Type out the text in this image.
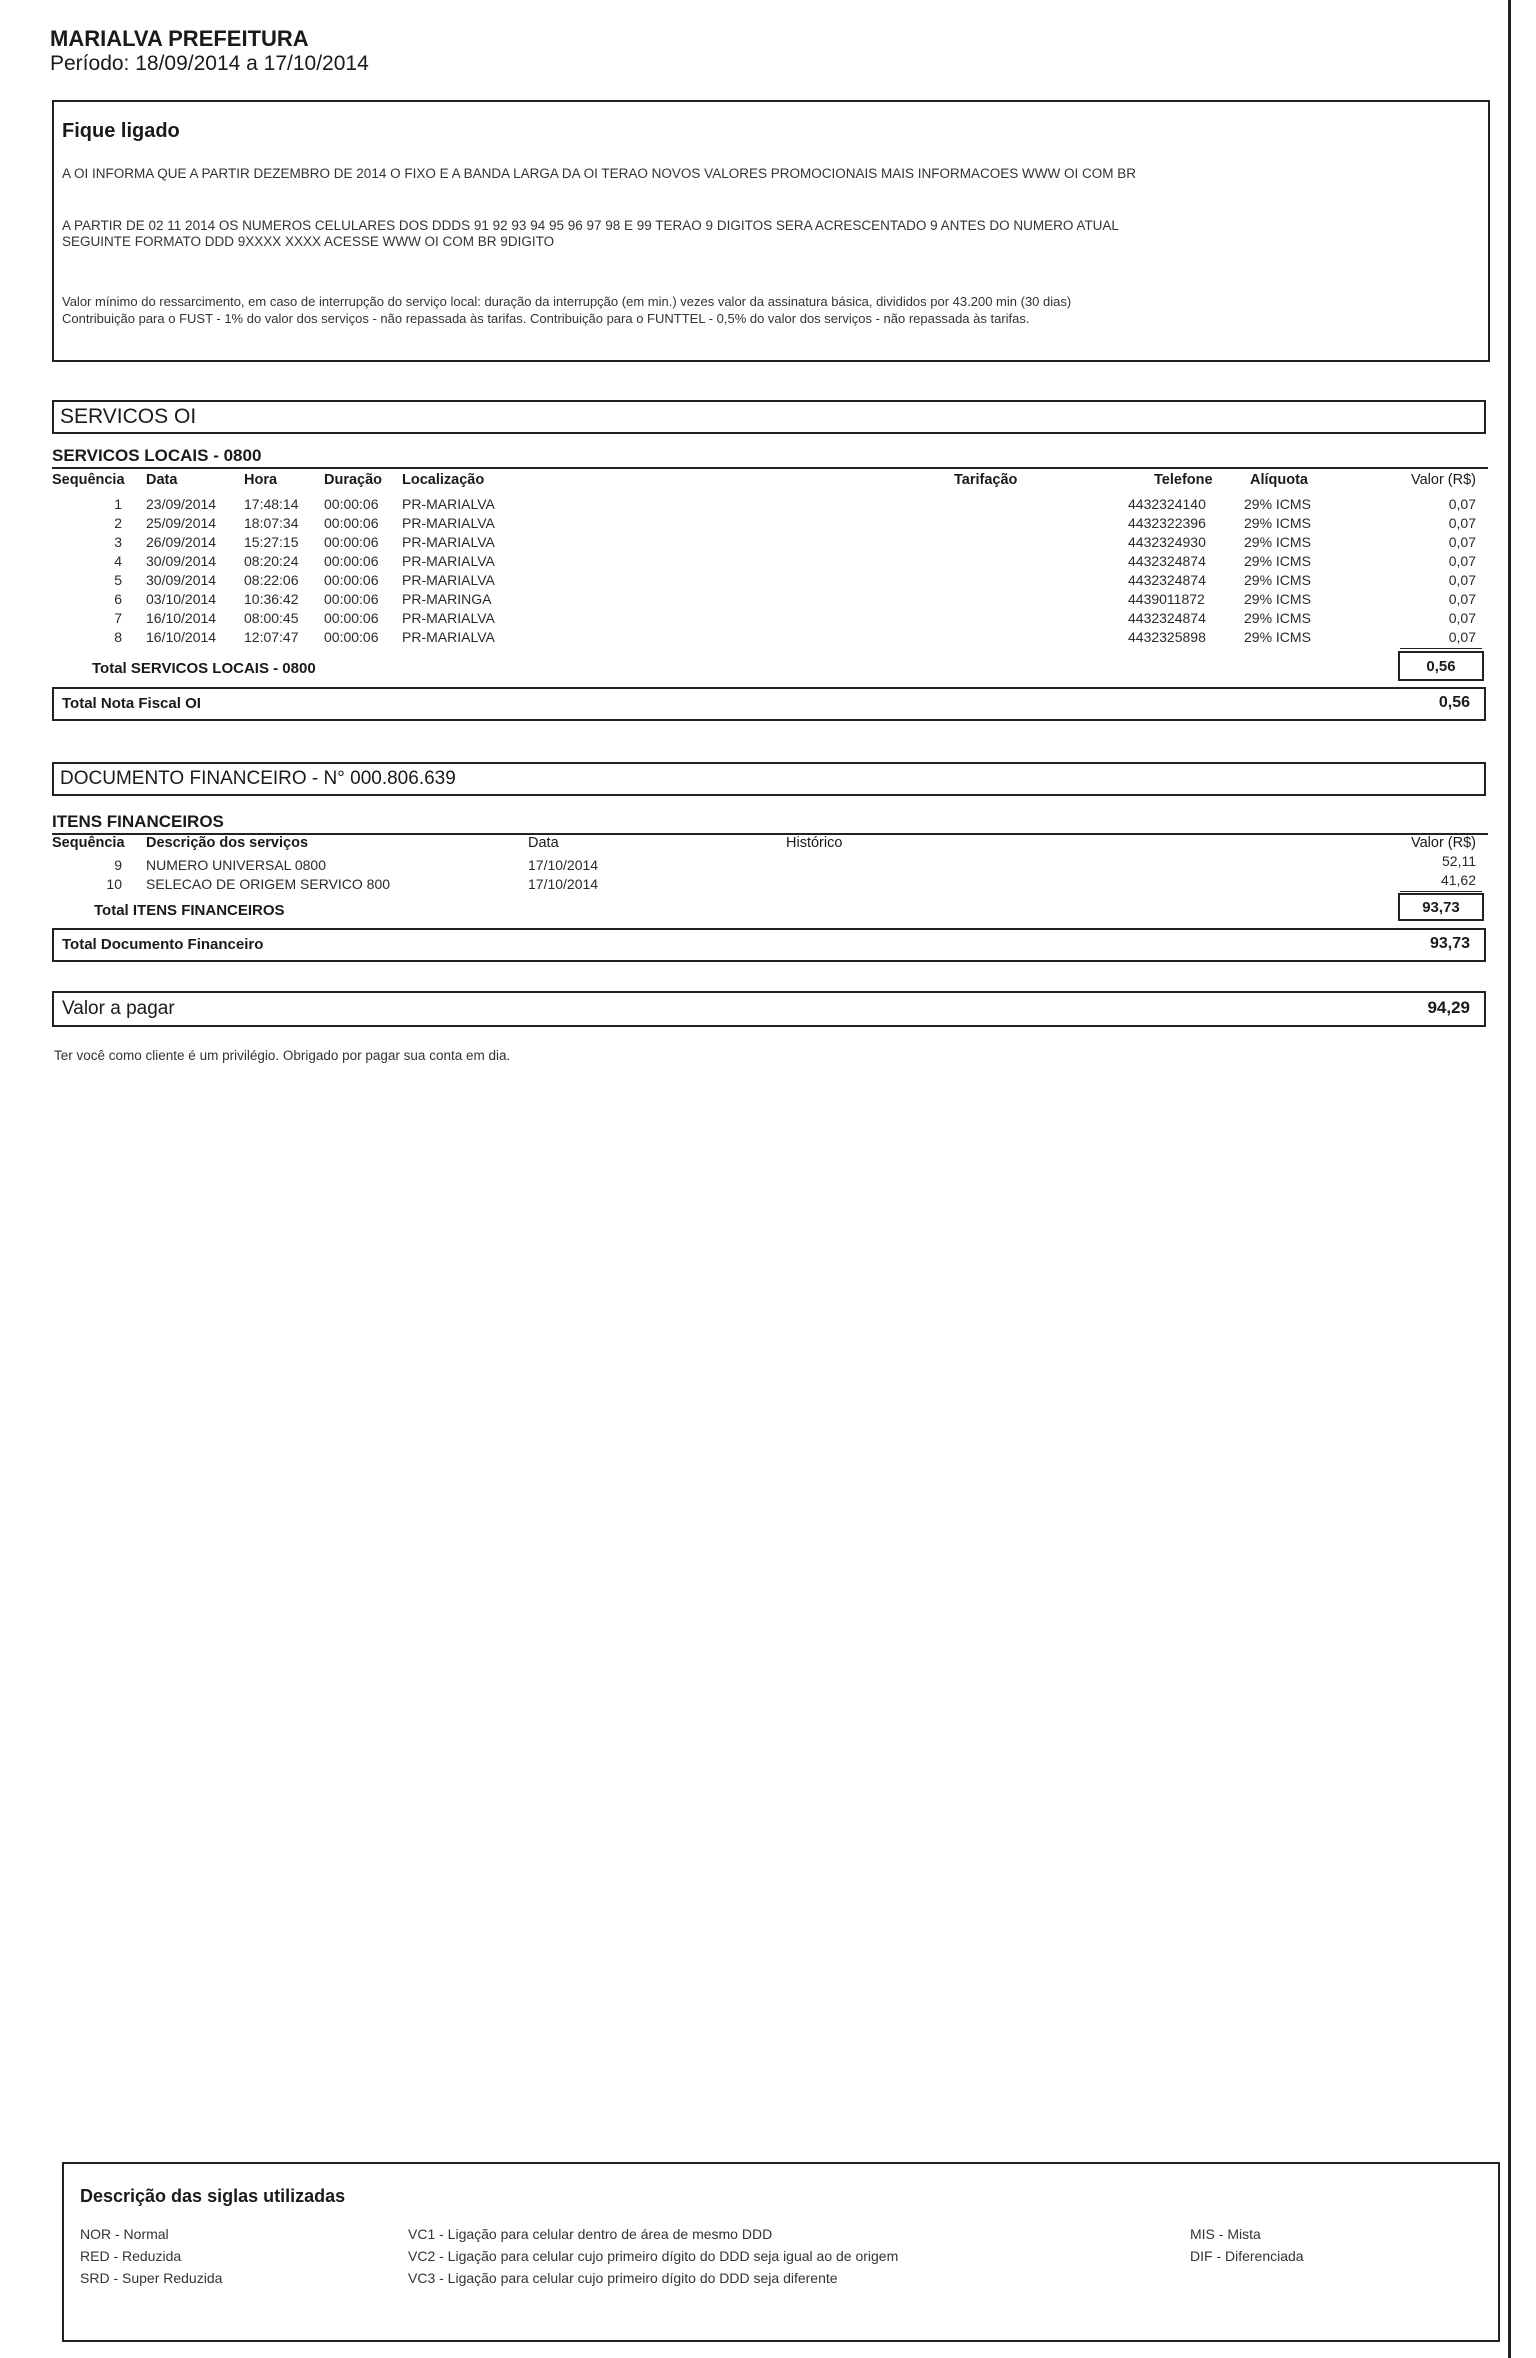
MARIALVA PREFEITURA
Período: 18/09/2014 a 17/10/2014
Fique ligado
A OI INFORMA QUE A PARTIR DEZEMBRO DE 2014 O FIXO E A BANDA LARGA DA OI TERAO NOVOS VALORES PROMOCIONAIS MAIS INFORMACOES WWW OI COM BR
A PARTIR DE 02 11 2014 OS NUMEROS CELULARES DOS DDDS 91 92 93 94 95 96 97 98 E 99 TERAO 9 DIGITOS SERA ACRESCENTADO 9 ANTES DO NUMERO ATUAL
SEGUINTE FORMATO DDD 9XXXX XXXX ACESSE WWW OI COM BR 9DIGITO
Valor mínimo do ressarcimento, em caso de interrupção do serviço local: duração da interrupção (em min.) vezes valor da assinatura básica, divididos por 43.200 min (30 dias)
Contribuição para o FUST - 1% do valor dos serviços - não repassada às tarifas. Contribuição para o FUNTTEL - 0,5% do valor dos serviços - não repassada às tarifas.
SERVICOS OI
SERVICOS LOCAIS - 0800
Sequência Data	Hora	Duração Localização	Tarifação	Telefone	Alíquota	Valor (R$)
1 23/09/2014 17:48:14 00:00:06 PR-MARIALVA	4432324140	29% ICMS	0,07
2 25/09/2014 18:07:34 00:00:06 PR-MARIALVA	4432322396	29% ICMS	0,07
3 26/09/2014 15:27:15 00:00:06 PR-MARIALVA	4432324930	29% ICMS	0,07
4 30/09/2014 08:20:24 00:00:06 PR-MARIALVA	4432324874	29% ICMS	0,07
5 30/09/2014 08:22:06 00:00:06 PR-MARIALVA	4432324874	29% ICMS	0,07
6 03/10/2014 10:36:42 00:00:06 PR-MARINGA	4439011872	29% ICMS	0,07
7 16/10/2014 08:00:45 00:00:06 PR-MARIALVA	4432324874	29% ICMS	0,07
8 16/10/2014 12:07:47 00:00:06 PR-MARIALVA	4432325898	29% ICMS	0,07
Total SERVICOS LOCAIS - 0800	0,56
Total Nota Fiscal OI	0,56
DOCUMENTO FINANCEIRO - N° 000.806.639
ITENS FINANCEIROS
Sequência Descrição dos serviços	Data	Histórico	Valor (R$)
9 NUMERO UNIVERSAL 0800	17/10/2014	52,11
10 SELECAO DE ORIGEM SERVICO 800	17/10/2014	41,62
Total ITENS FINANCEIROS	93,73
Total Documento Financeiro	93,73
Valor a pagar	94,29
Ter você como cliente é um privilégio. Obrigado por pagar sua conta em dia.
Descrição das siglas utilizadas
NOR - Normal
RED - Reduzida
SRD - Super Reduzida
VC1 - Ligação para celular dentro de área de mesmo DDD
VC2 - Ligação para celular cujo primeiro dígito do DDD seja igual ao de origem
VC3 - Ligação para celular cujo primeiro dígito do DDD seja diferente
MIS - Mista
DIF - Diferenciada
